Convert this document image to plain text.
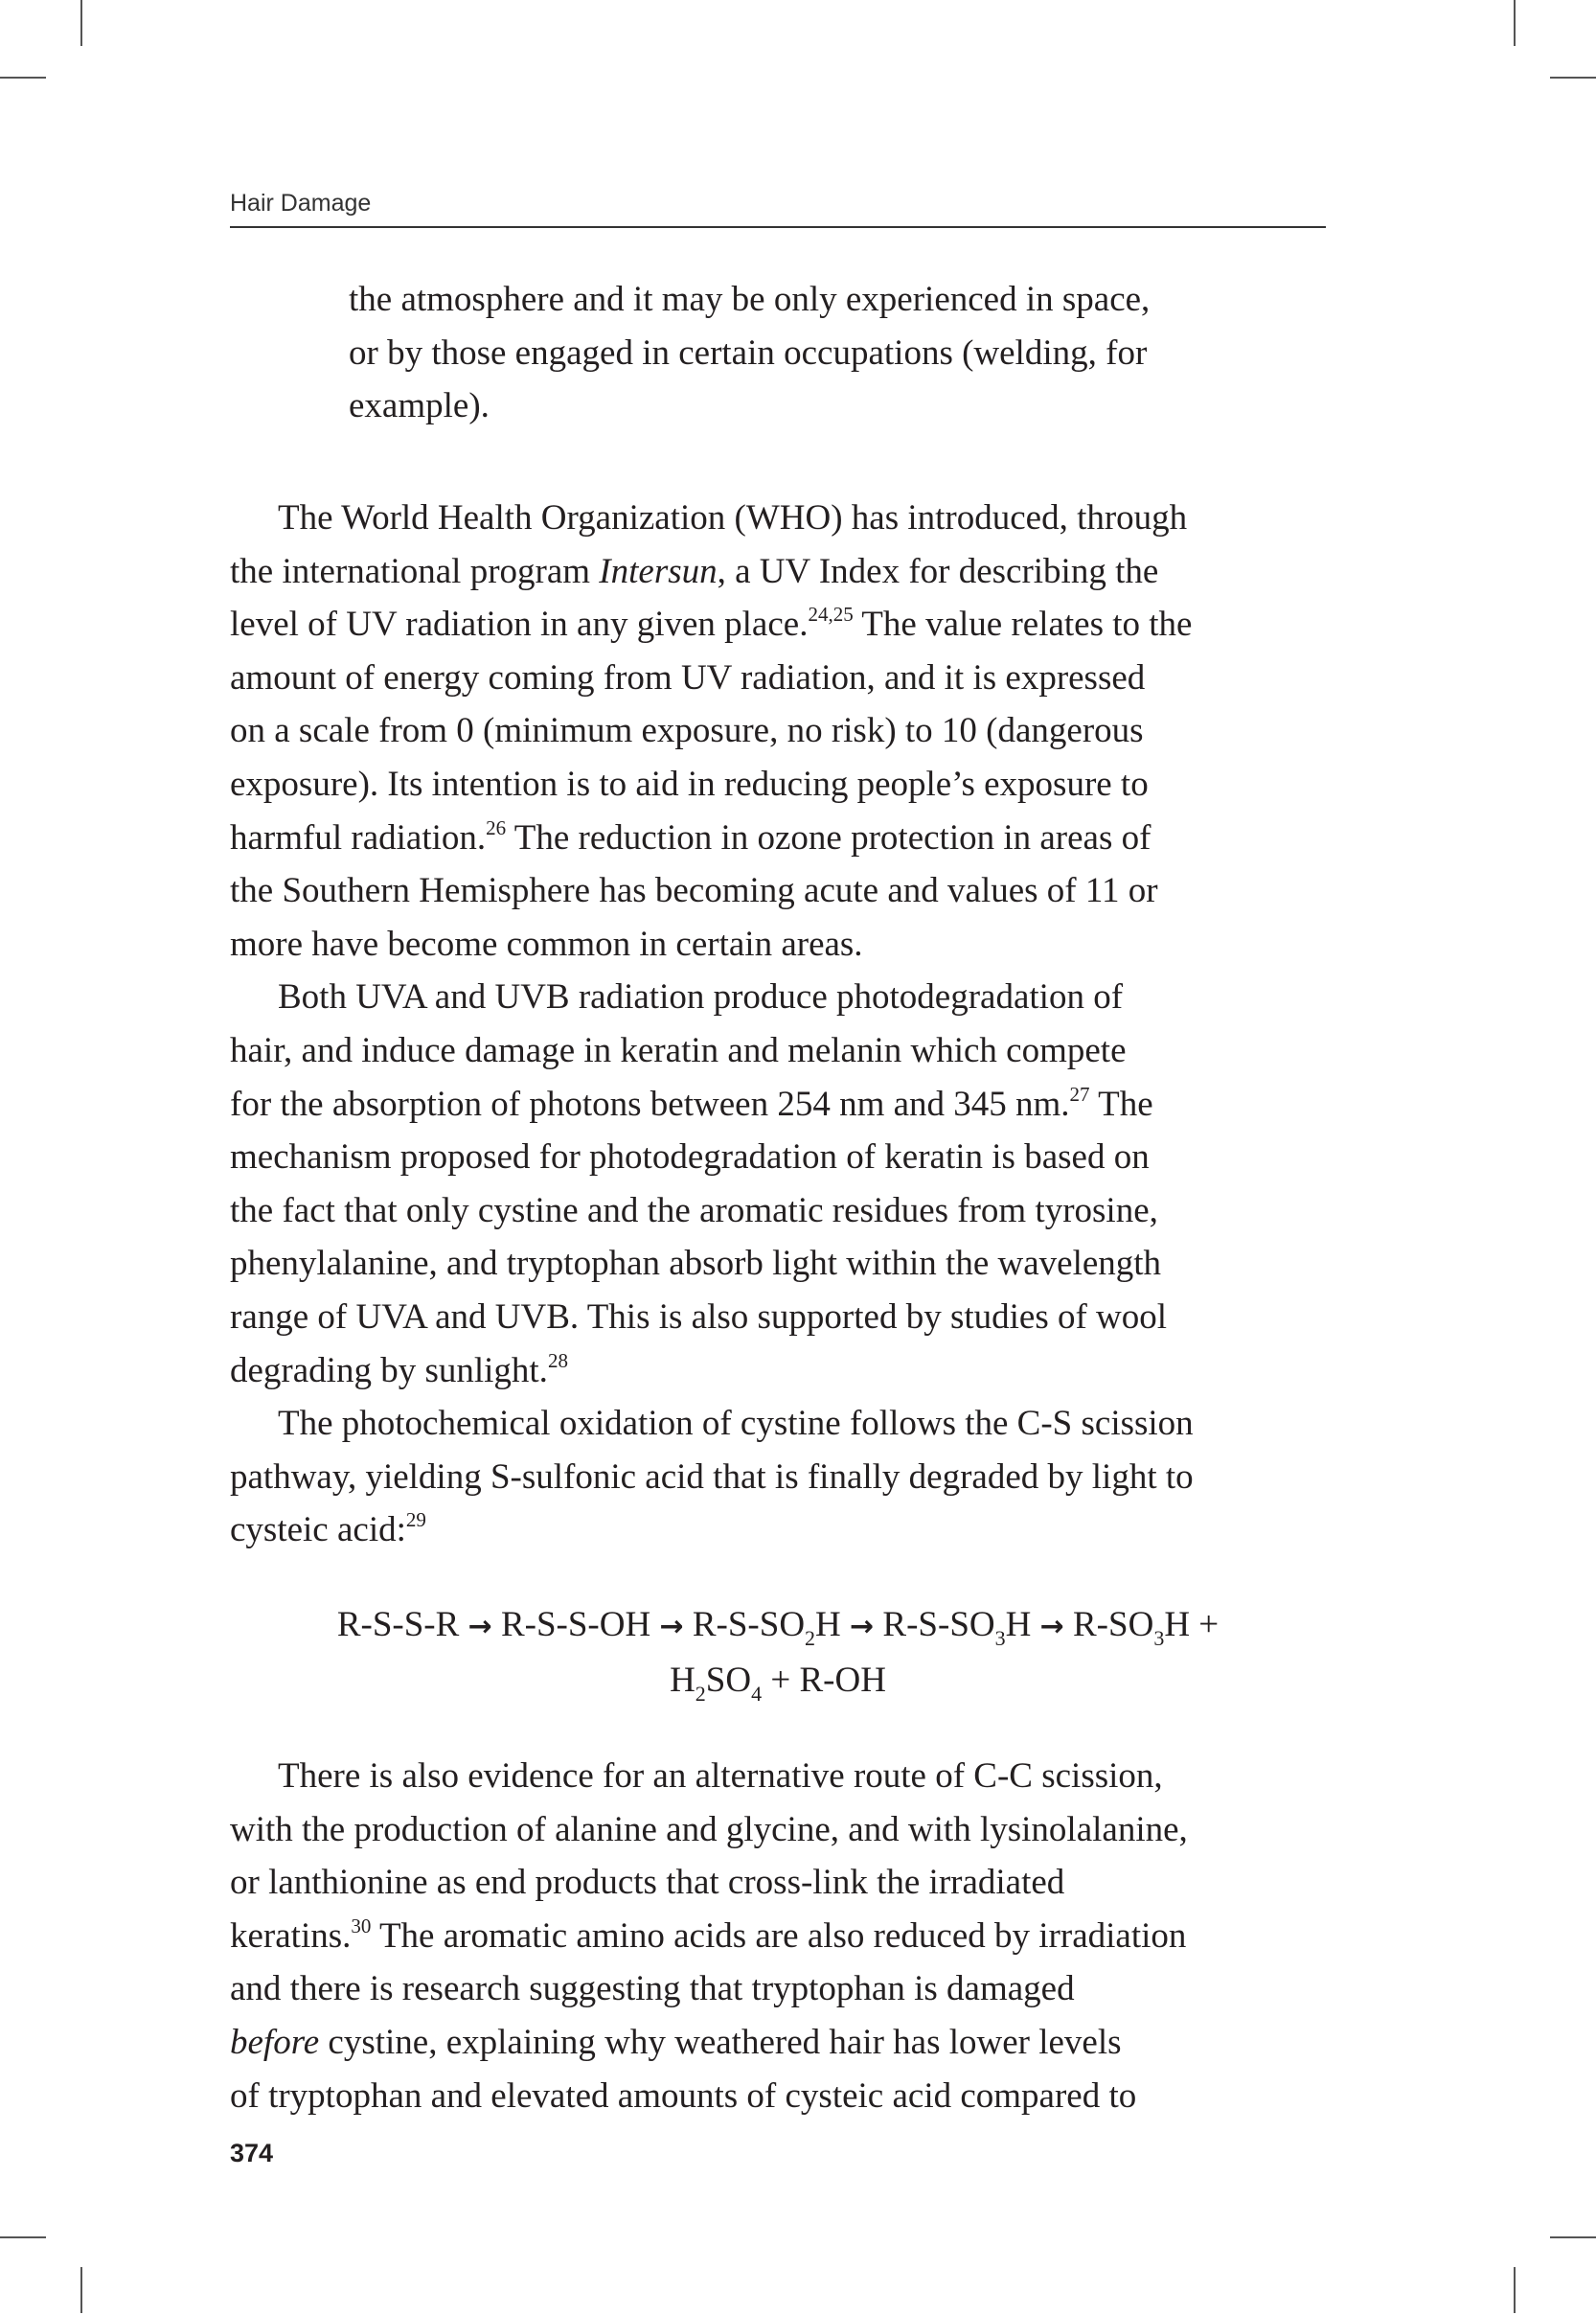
Hair Damage

the atmosphere and it may be only experienced in space,
or by those engaged in certain occupations (welding, for
example).

The World Health Organization (WHO) has introduced, through
the international program Intersun, a UV Index for describing the
level of UV radiation in any given place.$^{24,25}$ The value relates to the
amount of energy coming from UV radiation, and it is expressed
on a scale from 0 (minimum exposure, no risk) to 10 (dangerous
exposure). Its intention is to aid in reducing people’s exposure to
harmful radiation.$^{26}$ The reduction in ozone protection in areas of
the Southern Hemisphere has becoming acute and values of 11 or
more have become common in certain areas.
Both UVA and UVB radiation produce photodegradation of
hair, and induce damage in keratin and melanin which compete
for the absorption of photons between 254 nm and 345 nm.$^{27}$ The
mechanism proposed for photodegradation of keratin is based on
the fact that only cystine and the aromatic residues from tyrosine,
phenylalanine, and tryptophan absorb light within the wavelength
range of UVA and UVB. This is also supported by studies of wool
degrading by sunlight.$^{28}$
The photochemical oxidation of cystine follows the C-S scission
pathway, yielding S-sulfonic acid that is finally degraded by light to
cysteic acid:$^{29}$

$R-S-S-R \to R-S-S-OH \to R-S-SO_2H \to R-S-SO_3H \to R-SO_3H$ +
$H_2SO_4 + R-OH$

There is also evidence for an alternative route of C-C scission,
with the production of alanine and glycine, and with lysinolalanine,
or lanthionine as end products that cross-link the irradiated
keratins.$^{30}$ The aromatic amino acids are also reduced by irradiation
and there is research suggesting that tryptophan is damaged
before cystine, explaining why weathered hair has lower levels
of tryptophan and elevated amounts of cysteic acid compared to

374
